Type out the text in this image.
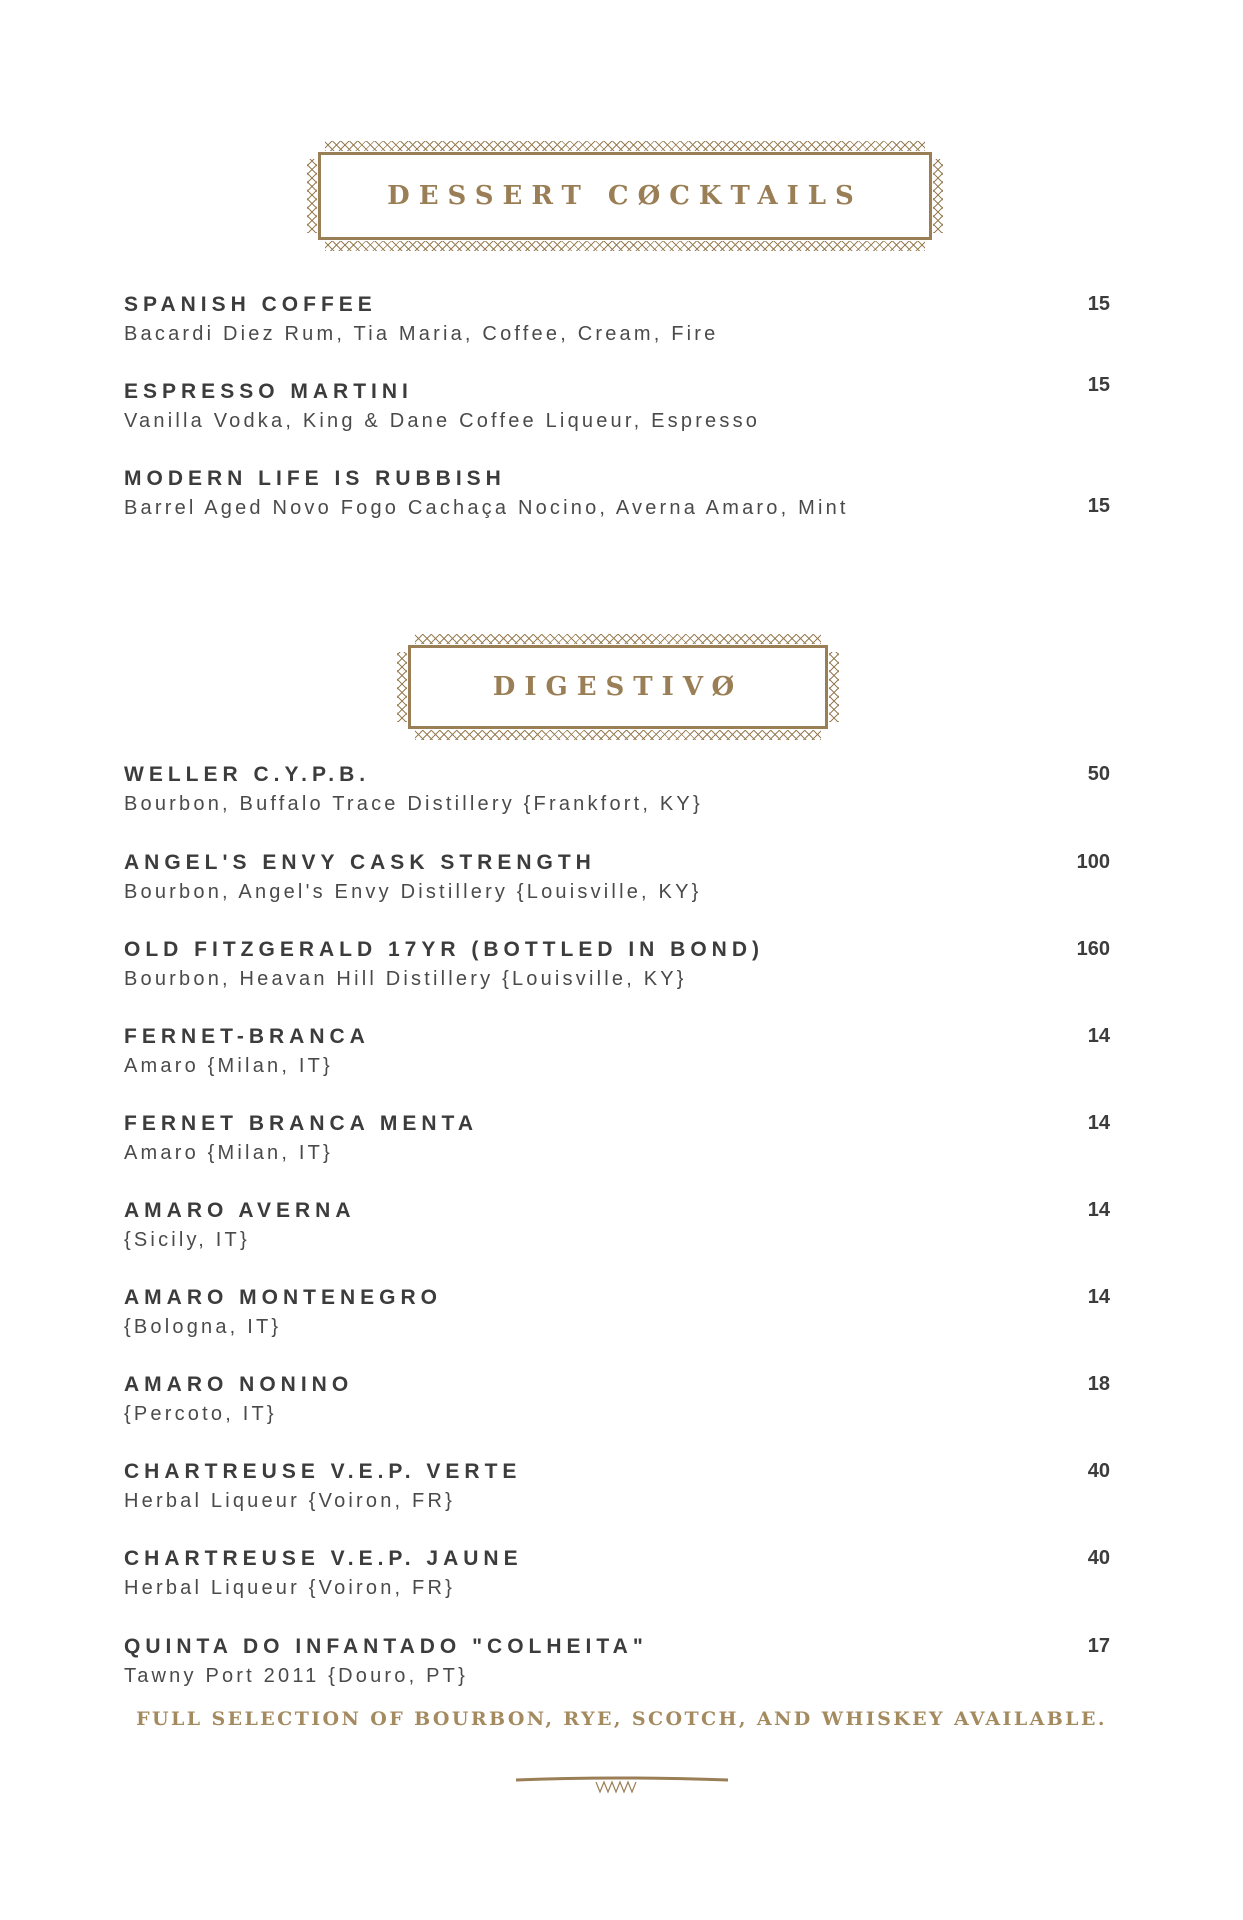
DESSERT CØCKTAILS
SPANISH COFFEE
Bacardi Diez Rum, Tia Maria, Coffee, Cream, Fire
15
ESPRESSO MARTINI
Vanilla Vodka, King & Dane Coffee Liqueur, Espresso
15
MODERN LIFE IS RUBBISH
Barrel Aged Novo Fogo Cachaça Nocino, Averna Amaro, Mint	15
DIGESTIVØ
WELLER C.Y.P.B.
Bourbon, Buffalo Trace Distillery {Frankfort, KY}
50
ANGEL'S ENVY CASK STRENGTH
Bourbon, Angel's Envy Distillery {Louisville, KY}
100
OLD FITZGERALD 17YR (BOTTLED IN BOND)
Bourbon, Heavan Hill Distillery {Louisville, KY}
160
FERNET-BRANCA
Amaro {Milan, IT}
14
FERNET BRANCA MENTA
Amaro {Milan, IT}
14
AMARO AVERNA
{Sicily, IT}
14
AMARO MONTENEGRO
{Bologna, IT}
14
AMARO NONINO
{Percoto, IT}
18
CHARTREUSE V.E.P. VERTE
Herbal Liqueur {Voiron, FR}
40
CHARTREUSE V.E.P. JAUNE
Herbal Liqueur {Voiron, FR}
40
QUINTA DO INFANTADO "COLHEITA"
Tawny Port 2011 {Douro, PT}
17
FULL SELECTION OF BOURBON, RYE, SCOTCH, AND WHISKEY AVAILABLE.
